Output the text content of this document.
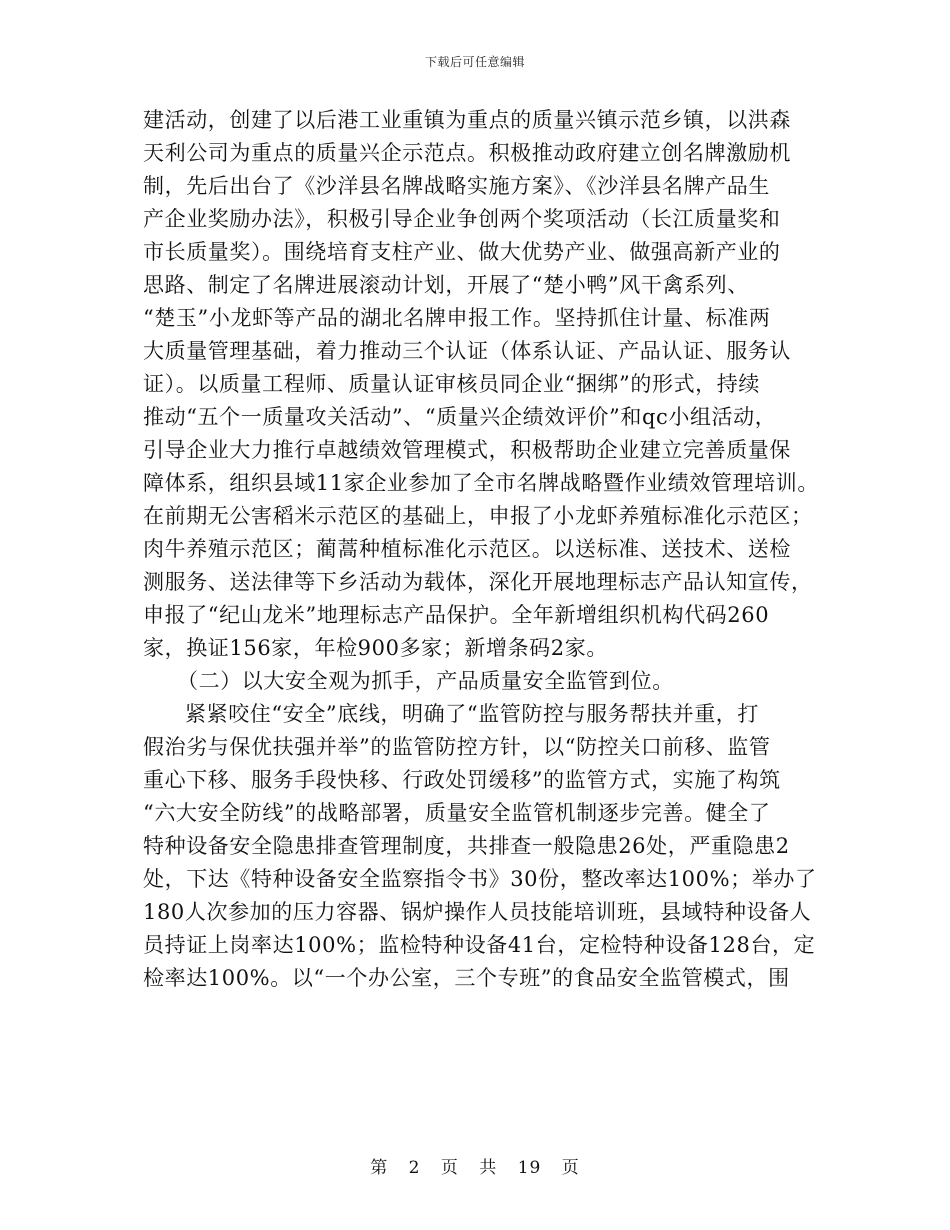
下载后可任意编辑
建活动，创建了以后港工业重镇为重点的质量兴镇示范乡镇，以洪森
天利公司为重点的质量兴企示范点。积极推动政府建立创名牌激励机
制，先后出台了《沙洋县名牌战略实施方案》、《沙洋县名牌产品生
产企业奖励办法》，积极引导企业争创两个奖项活动（长江质量奖和
市长质量奖）。围绕培育支柱产业、做大优势产业、做强高新产业的
思路、制定了名牌进展滚动计划，开展了“楚小鸭”风干禽系列、
“楚玉”小龙虾等产品的湖北名牌申报工作。坚持抓住计量、标准两
大质量管理基础，着力推动三个认证（体系认证、产品认证、服务认
证）。以质量工程师、质量认证审核员同企业“捆绑”的形式，持续
推动“五个一质量攻关活动”、“质量兴企绩效评价”和qc小组活动，
引导企业大力推行卓越绩效管理模式，积极帮助企业建立完善质量保
障体系，组织县域11家企业参加了全市名牌战略暨作业绩效管理培训。
在前期无公害稻米示范区的基础上，申报了小龙虾养殖标准化示范区；
肉牛养殖示范区；蔺蒿种植标准化示范区。以送标准、送技术、送检
测服务、送法律等下乡活动为载体，深化开展地理标志产品认知宣传，
申报了“纪山龙米”地理标志产品保护。全年新增组织机构代码260
家，换证156家，年检900多家；新增条码2家。
（二）以大安全观为抓手，产品质量安全监管到位。
紧紧咬住“安全”底线，明确了“监管防控与服务帮扶并重，打
假治劣与保优扶强并举”的监管防控方针，以“防控关口前移、监管
重心下移、服务手段快移、行政处罚缓移”的监管方式，实施了构筑
“六大安全防线”的战略部署，质量安全监管机制逐步完善。健全了
特种设备安全隐患排查管理制度，共排查一般隐患26处，严重隐患2
处，下达《特种设备安全监察指令书》30份，整改率达100%；举办了
180人次参加的压力容器、锅炉操作人员技能培训班，县域特种设备人
员持证上岗率达100%；监检特种设备41台，定检特种设备128台，定
检率达100%。以“一个办公室，三个专班”的食品安全监管模式，围
第 2 页 共 19 页
